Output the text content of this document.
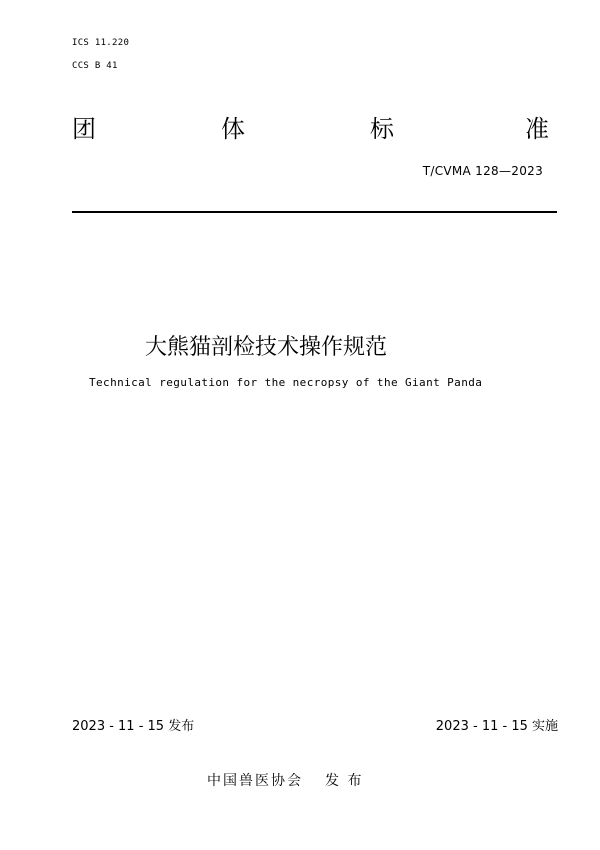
ICS 11.220
CCS B 41
团	体	标	准
T/CVMA 128—2023
大熊猫剖检技术操作规范
Technical regulation for the necropsy of the Giant Panda
2023 - 11 - 15 发布	2023 - 11 - 15 实施
中国兽医协会 发 布
